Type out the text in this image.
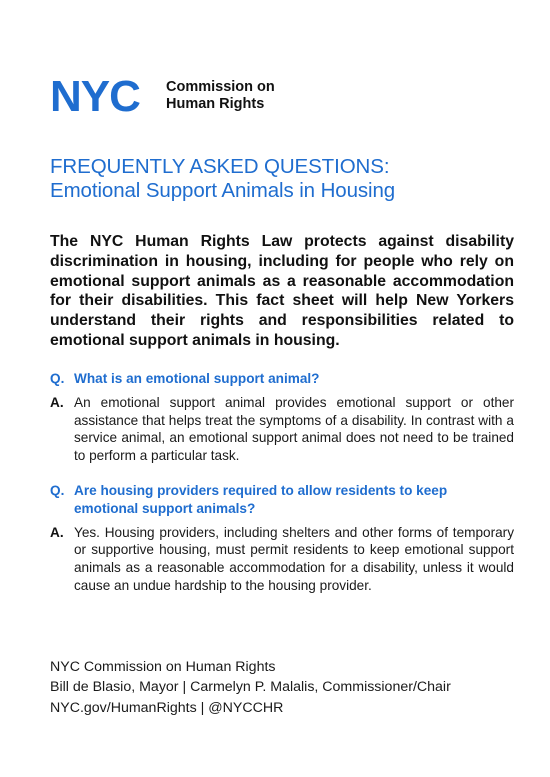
NYC Commission on
Human Rights
FREQUENTLY ASKED QUESTIONS:
Emotional Support Animals in Housing
The NYC Human Rights Law protects against disability discrimination in housing, including for people who rely on emotional support animals as a reasonable accommodation for their disabilities. This fact sheet will help New Yorkers understand their rights and responsibilities related to emotional support animals in housing.
Q. What is an emotional support animal?
A. An emotional support animal provides emotional support or other assistance that helps treat the symptoms of a disability. In contrast with a service animal, an emotional support animal does not need to be trained to perform a particular task.
Q. Are housing providers required to allow residents to keep emotional support animals?
A. Yes. Housing providers, including shelters and other forms of temporary or supportive housing, must permit residents to keep emotional support animals as a reasonable accommodation for a disability, unless it would cause an undue hardship to the housing provider.
NYC Commission on Human Rights
Bill de Blasio, Mayor | Carmelyn P. Malalis, Commissioner/Chair
NYC.gov/HumanRights | @NYCCHR
